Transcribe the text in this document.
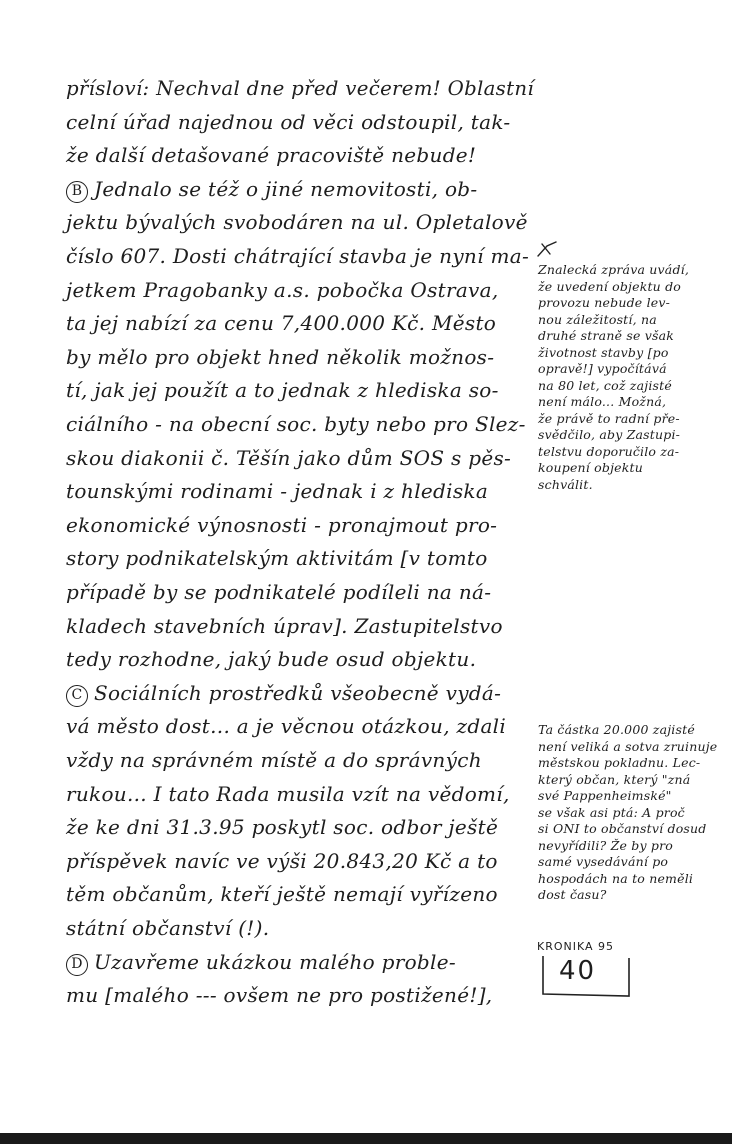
přísloví: Nechval dne před večerem! Oblastní
celní úřad najednou od věci odstoupil, tak-
že další detašované pracoviště nebude!
B Jednalo se též o jiné nemovitosti, ob-
jektu bývalých svobodáren na ul. Opletalově
číslo 607. Dosti chátrající stavba je nyní ma-
jetkem Pragobanky a.s. pobočka Ostrava,
ta jej nabízí za cenu 7,400.000 Kč. Město
by mělo pro objekt hned několik možnos-
tí, jak jej použít a to jednak z hlediska so-
ciálního - na obecní soc. byty nebo pro Slez-
skou diakonii č. Těšín jako dům SOS s pěs-
tounskými rodinami - jednak i z hlediska
ekonomické výnosnosti - pronajmout pro-
story podnikatelským aktivitám [v tomto
případě by se podnikatelé podíleli na ná-
kladech stavebních úprav]. Zastupitelstvo
tedy rozhodne, jaký bude osud objektu.
C Sociálních prostředků všeobecně vydá-
vá město dost... a je věcnou otázkou, zdali
vždy na správném místě a do správných
rukou... I tato Rada musila vzít na vědomí,
že ke dni 31.3.95 poskytl soc. odbor ještě
příspěvek navíc ve výši 20.843,20 Kč a to
těm občanům, kteří ještě nemají vyřízeno
státní občanství (!).
D Uzavřeme ukázkou malého proble-
mu [malého --- ovšem ne pro postižené!],
Znalecká zpráva uvádí,
že uvedení objektu do
provozu nebude lev-
nou záležitostí, na
druhé straně se však
životnost stavby [po
opravě!] vypočítává
na 80 let, což zajisté
není málo... Možná,
že právě to radní pře-
svědčilo, aby Zastupi-
telstvu doporučilo za-
koupení objektu
schválit.
Ta částka 20.000 zajisté
není veliká a sotva zruinuje
městskou pokladnu. Lec-
který občan, který "zná
své Pappenheimské"
se však asi ptá: A proč
si ONI to občanství dosud
nevyřídili? Že by pro
samé vysedávání po
hospodách na to neměli
dost času?
KRONIKA 95
40
